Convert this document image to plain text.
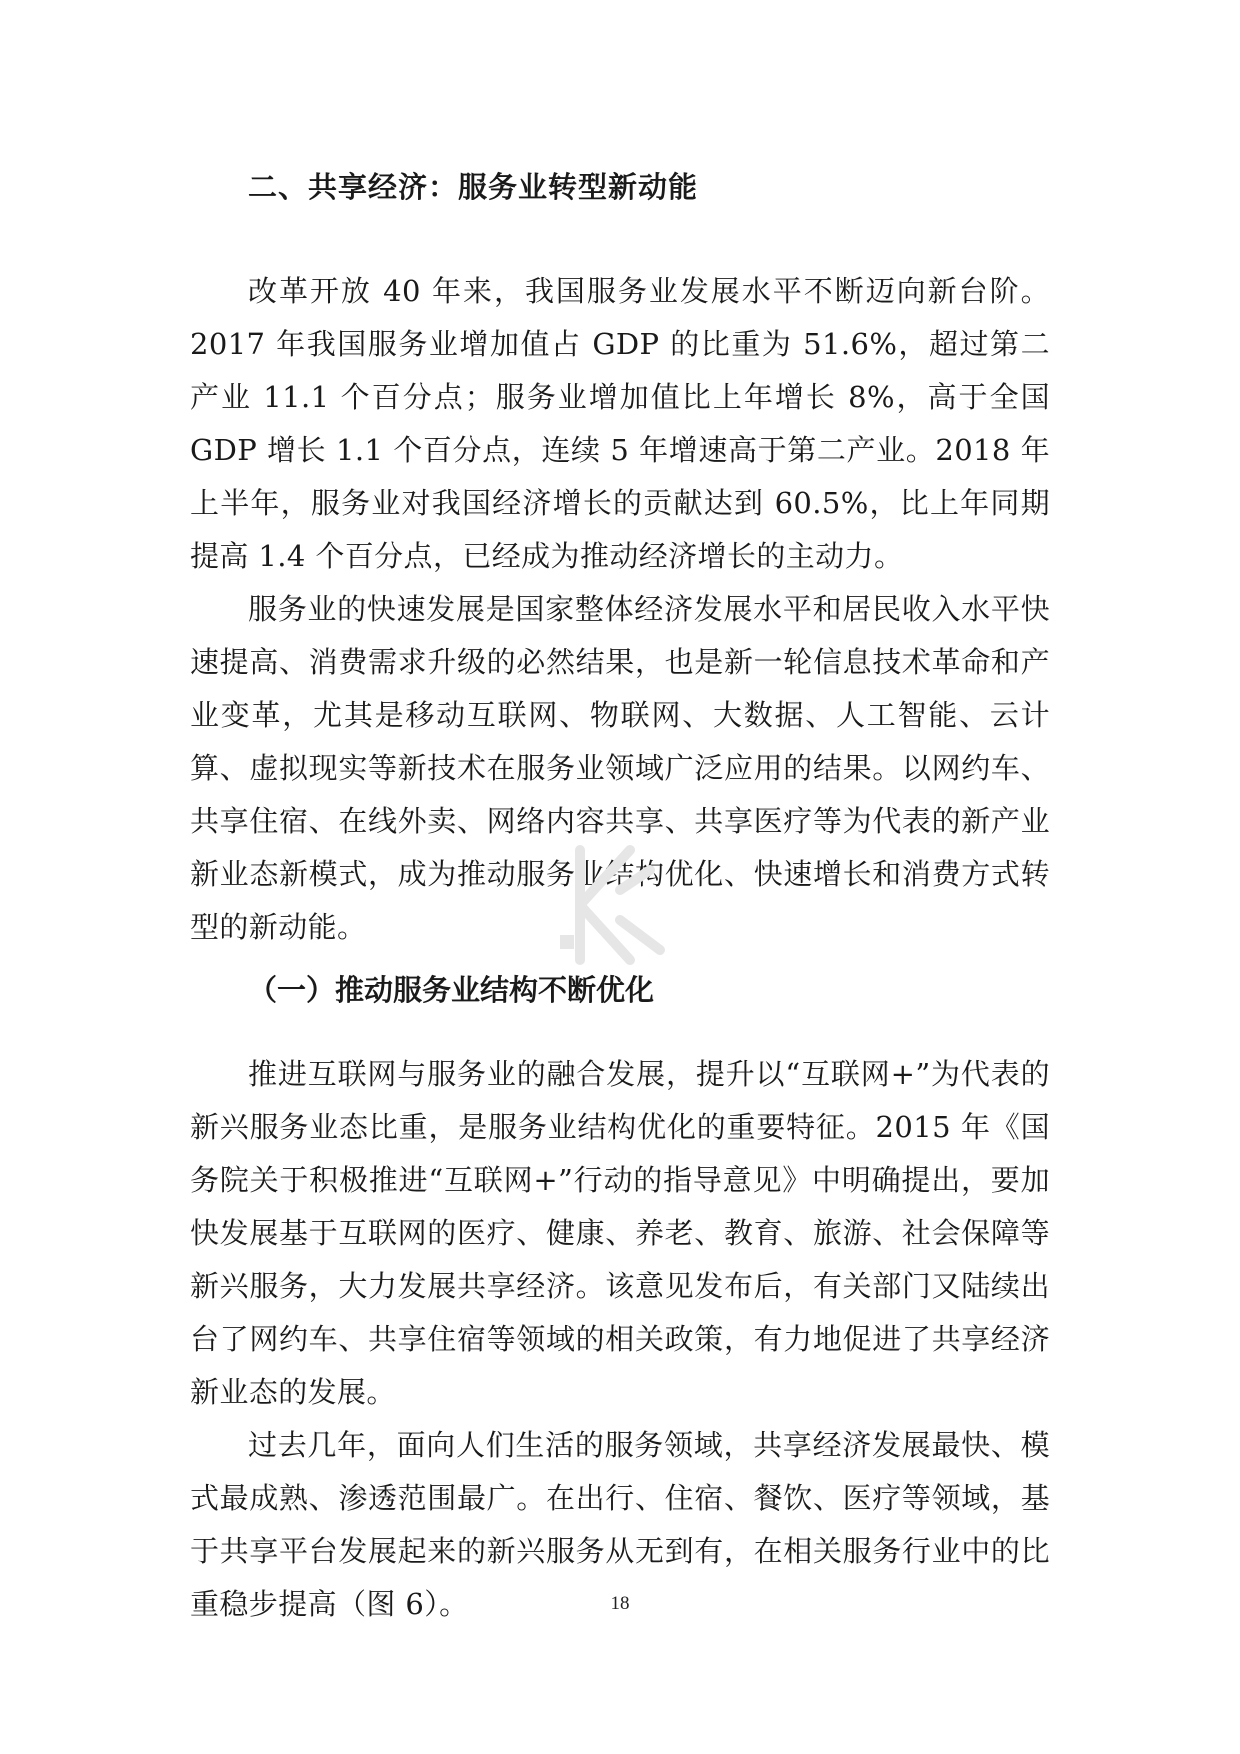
二、共享经济：服务业转型新动能

改革开放 40 年来，我国服务业发展水平不断迈向新台阶。2017 年我国服务业增加值占 GDP 的比重为 51.6%，超过第二产业 11.1 个百分点；服务业增加值比上年增长 8%，高于全国 GDP 增长 1.1 个百分点，连续 5 年增速高于第二产业。2018 年上半年，服务业对我国经济增长的贡献达到 60.5%，比上年同期提高 1.4 个百分点，已经成为推动经济增长的主动力。

服务业的快速发展是国家整体经济发展水平和居民收入水平快速提高、消费需求升级的必然结果，也是新一轮信息技术革命和产业变革，尤其是移动互联网、物联网、大数据、人工智能、云计算、虚拟现实等新技术在服务业领域广泛应用的结果。以网约车、共享住宿、在线外卖、网络内容共享、共享医疗等为代表的新产业新业态新模式，成为推动服务业结构优化、快速增长和消费方式转型的新动能。

（一）推动服务业结构不断优化

推进互联网与服务业的融合发展，提升以“互联网+”为代表的新兴服务业态比重，是服务业结构优化的重要特征。2015 年《国务院关于积极推进“互联网+”行动的指导意见》中明确提出，要加快发展基于互联网的医疗、健康、养老、教育、旅游、社会保障等新兴服务，大力发展共享经济。该意见发布后，有关部门又陆续出台了网约车、共享住宿等领域的相关政策，有力地促进了共享经济新业态的发展。

过去几年，面向人们生活的服务领域，共享经济发展最快、模式最成熟、渗透范围最广。在出行、住宿、餐饮、医疗等领域，基于共享平台发展起来的新兴服务从无到有，在相关服务行业中的比重稳步提高（图 6）。	18
